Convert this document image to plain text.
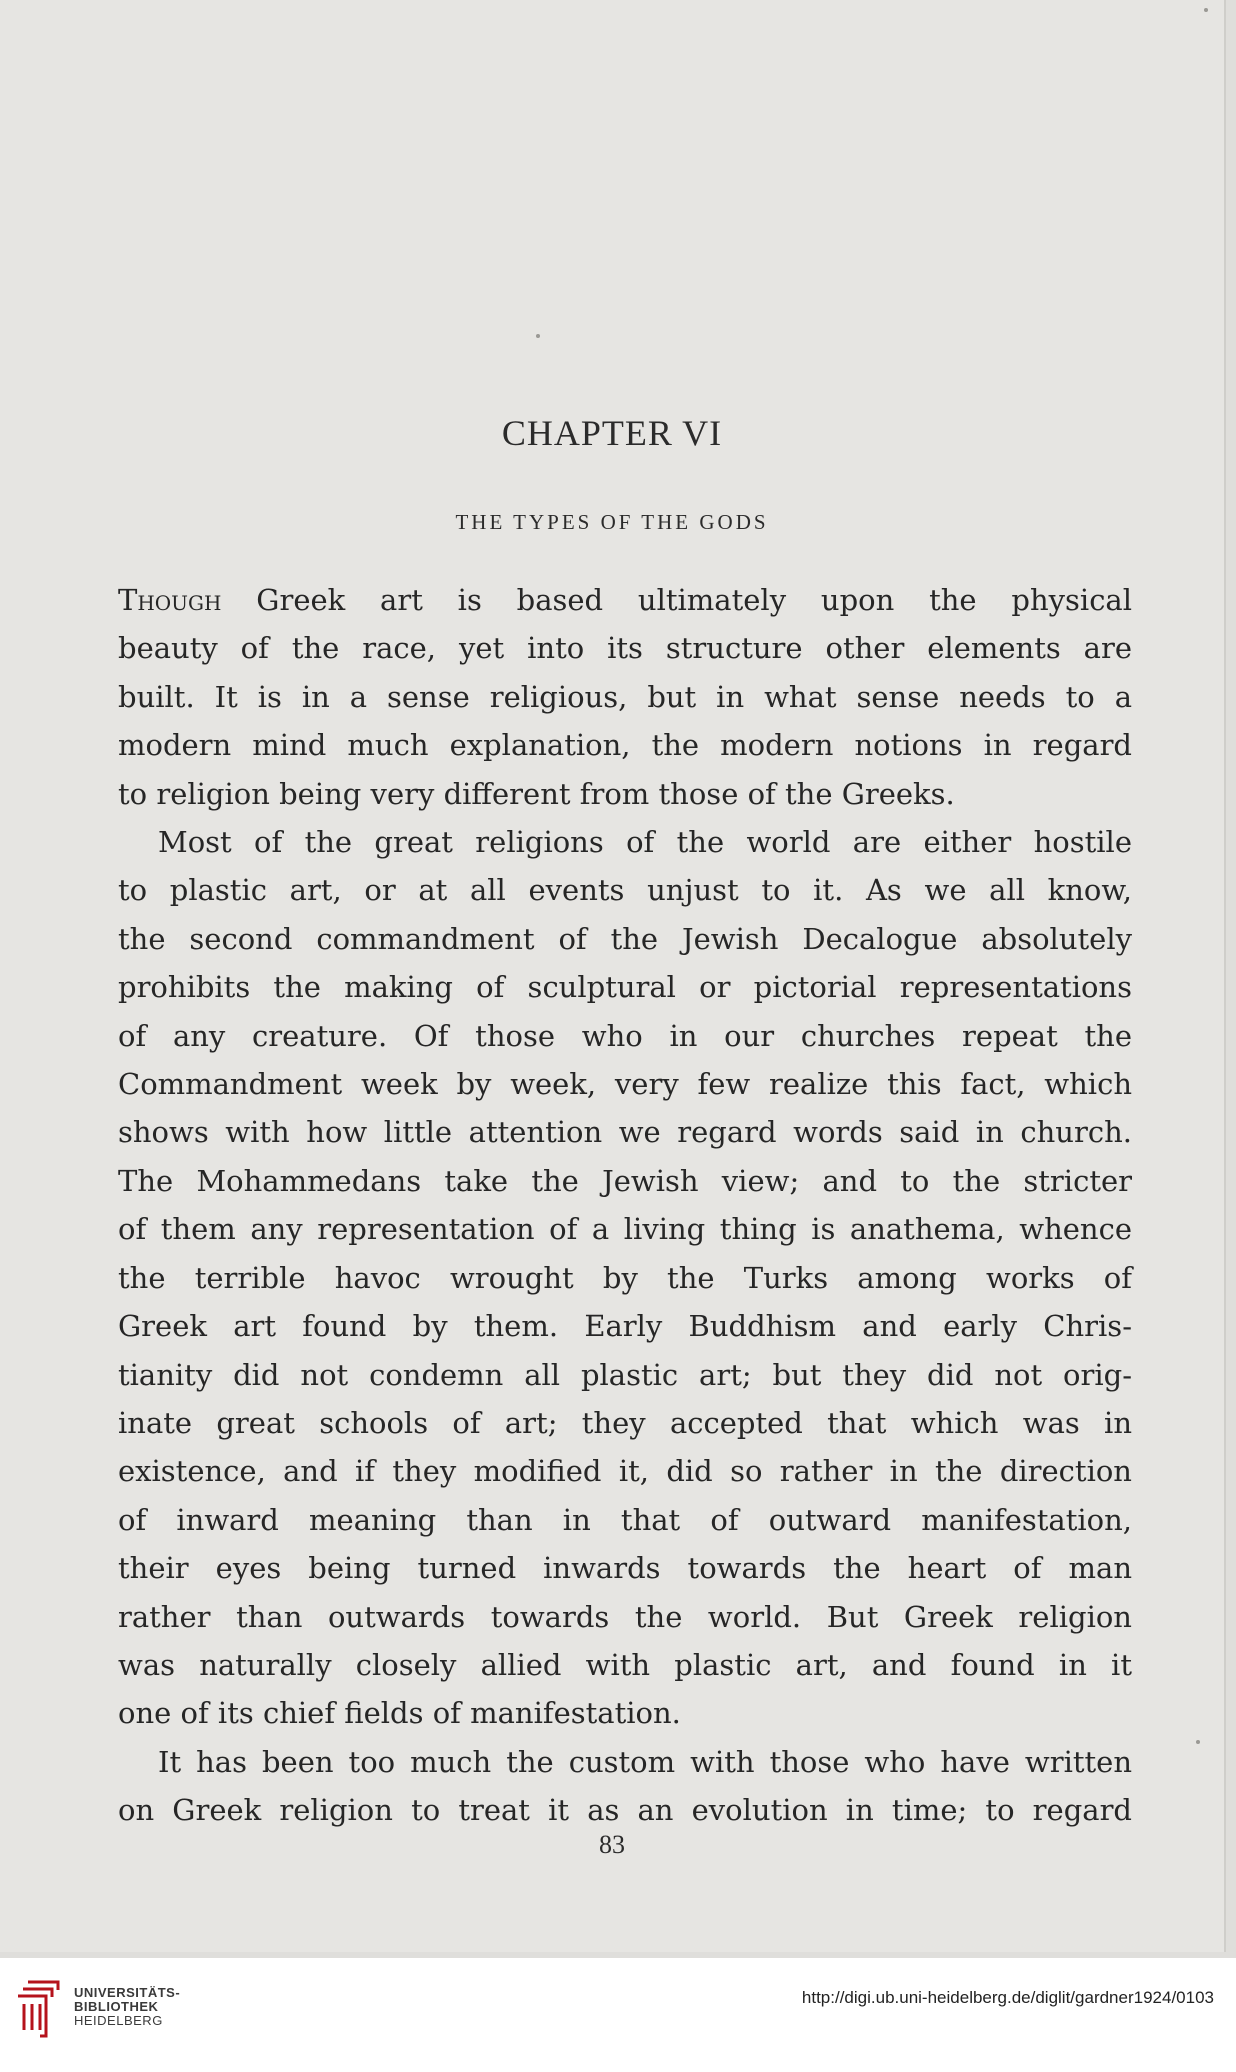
CHAPTER VI
THE TYPES OF THE GODS
Though Greek art is based ultimately upon the physical
beauty of the race, yet into its structure other elements are
built. It is in a sense religious, but in what sense needs to a
modern mind much explanation, the modern notions in regard
to religion being very different from those of the Greeks.
Most of the great religions of the world are either hostile
to plastic art, or at all events unjust to it. As we all know,
the second commandment of the Jewish Decalogue absolutely
prohibits the making of sculptural or pictorial representations
of any creature. Of those who in our churches repeat the
Commandment week by week, very few realize this fact, which
shows with how little attention we regard words said in church.
The Mohammedans take the Jewish view; and to the stricter
of them any representation of a living thing is anathema, whence
the terrible havoc wrought by the Turks among works of
Greek art found by them. Early Buddhism and early Chris-
tianity did not condemn all plastic art; but they did not orig-
inate great schools of art; they accepted that which was in
existence, and if they modified it, did so rather in the direction
of inward meaning than in that of outward manifestation,
their eyes being turned inwards towards the heart of man
rather than outwards towards the world. But Greek religion
was naturally closely allied with plastic art, and found in it
one of its chief fields of manifestation.
It has been too much the custom with those who have written
on Greek religion to treat it as an evolution in time; to regard
83
UNIVERSITÄTS-
BIBLIOTHEK
HEIDELBERG
http://digi.ub.uni-heidelberg.de/diglit/gardner1924/0103
